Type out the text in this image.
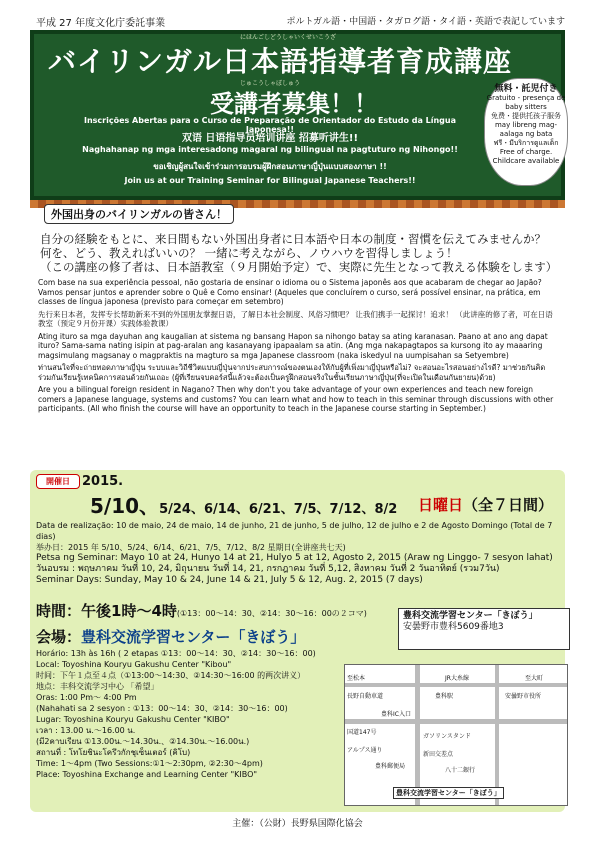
平成 27 年度文化庁委託事業	ポルトガル語・中国語・タガログ語・タイ語・英語で表記しています
にほんごしどうしゃいくせいこうざ
バイリンガル日本語指導者育成講座
じゅこうしゃぼしゅう
受講者募集！！
Inscrições Abertas para o Curso de Preparação de Orientador do Estudo da Língua Japonesa!!
双语 日语指导员培训讲座 招募听讲生!!
Naghahanap ng mga interesadong magaral ng bilingual na pagtuturo ng Nihongo!!
ขอเชิญผู้สนใจเข้าร่วมการอบรมผู้ฝึกสอนภาษาญี่ปุ่นแบบสองภาษา !!
Join us at our Training Seminar for Bilingual Japanese Teachers!!
無料・託児付き
Gratuito - presença de baby sitters
免费・提供托孩子服务
may libreng mag-aalaga ng bata
ฟรี・มีบริการดูแลเด็ก
Free of charge. Childcare available
自分の経験をもとに、来日間もない外国出身者に日本語や日本の制度・習慣を伝えてみませんか？
何を、どう、教えればいいの？ 一緒に考えながら、ノウハウを習得しましょう！
（この講座の修了者は、日本語教室（９月開始予定）で、実際に先生となって教える体験をします）
Com base na sua experiência pessoal, não gostaria de ensinar o idioma ou o Sistema japonês aos que acabaram de chegar ao Japão? Vamos pensar juntos e aprender sobre o Quê e Como ensinar! (Aqueles que concluírem o curso, será possível ensinar, na prática, em classes de língua japonesa (previsto para começar em setembro)
先行来日本者，发挥专长帮助新来不到的外国朋友掌握日语，了解日本社会制度、风俗习惯吧？ 让我们携手一起探讨！追求！ （此讲座的修了者，可在日语教室（预定９月份开课）实践体验教课）
Ating ituro sa mga dayuhan ang kaugalian at sistema ng bansang Hapon sa nihongo batay sa ating karanasan. Paano at ano ang dapat ituro? Sama-sama nating isipin at pag-aralan ang kasanayang ipapaalam sa atin. (Ang mga nakapagtapos sa kursong ito ay maaaring magsimulang magsanay o magpraktis na magturo sa mga Japanese classroom (naka iskedyul na uumpisahan sa Setyembre)
ท่านสนใจที่จะถ่ายทอดภาษาญี่ปุ่น ระบบและวิถีชีวิตแบบญี่ปุ่นจากประสบการณ์ของตนเองให้กับผู้ที่เพิ่งมาญี่ปุ่นหรือไม่? จะสอนอะไรสอนอย่างไรดี? มาช่วยกันคิด ร่วมกันเรียนรู้เทคนิคการสอนด้วยกันเถอะ (ผู้ที่เรียนจบคอร์สนี้แล้วจะต้องเป็นครูฝึกสอนจริงในชั้นเรียนภาษาญี่ปุ่น(ที่จะเปิดในเดือนกันยายน)ด้วย)
Are you a bilingual foreign resident in Nagano? Then why don't you take advantage of your own experiences and teach new foreign comers a Japanese language, systems and customs? You can learn what and how to teach in this seminar through discussions with other participants. (All who finish the course will have an opportunity to teach in the Japanese course starting in September.)
外国出身のバイリンガルの皆さん！
開催日 2015.
5/10、5/24、6/14、6/21、7/5、7/12、8/2 日曜日（全７日間）
Data de realização: 10 de maio, 24 de maio, 14 de junho, 21 de junho, 5 de julho, 12 de julho e 2 de Agosto Domingo (Total de 7 dias)
举办日：2015 年 5/10、5/24、6/14、6/21、7/5、7/12、8/2 星期日(全讲座共七天)
Petsa ng Seminar: Mayo 10 at 24, Hunyo 14 at 21, Hulyo 5 at 12, Agosto 2, 2015 (Araw ng Linggo- 7 sesyon lahat)
วันอบรม : พฤษภาคม วันที่ 10, 24, มิถุนายน วันที่ 14, 21, กรกฎาคม วันที่ 5,12, สิงหาคม วันที่ 2 วันอาทิตย์ (รวม7วัน)
Seminar Days: Sunday, May 10 & 24, June 14 & 21, July 5 & 12, Aug. 2, 2015 (7 days)
時間：午後1時～4時(①13：00～14：30、②14：30～16：00の２コマ)
会場：豊科交流学習センター「きぼう」
豊科交流学習センター「きぼう」
安曇野市豊科5609番地3
Horário: 13h às 16h ( 2 etapas ①13：00～14：30、②14：30～16：00)
Local: Toyoshina Kouryu Gakushu Center "Kibou"
时间：下午１点至４点（①13:00～14:30、②14:30～16:00 的两次讲义）
地点：丰科交流学习中心 「希望」
Oras: 1:00 Pm～ 4:00 Pm
(Nahahati sa 2 sesyon : ①13：00～14：30、②14：30～16：00)
Lugar: Toyoshina Kouryu Gakushu Center "KIBO"
เวลา : 13.00 น.～16.00 น.
(มี2คาบเรียน ①13.00น.～14.30น.、②14.30น.～16.00น.)
สถานที่ : โทโยชินะโครึวกักชุเซ็นเตอร์ (คิโบ)
Time: 1～4pm (Two Sessions:①1～2:30pm, ②2:30～4pm)
Place: Toyoshina Exchange and Learning Center "KIBO"
至松本	JR大糸線	至大町
長野自動車道	豊科駅	安曇野市役所
国道147号
豊科IC入口
アルプス通り
ガソリンスタンド
豊科郵便局
新田交差点
八十二銀行
豊科交流学習センター「きぼう」
主催：（公財）長野県国際化協会
